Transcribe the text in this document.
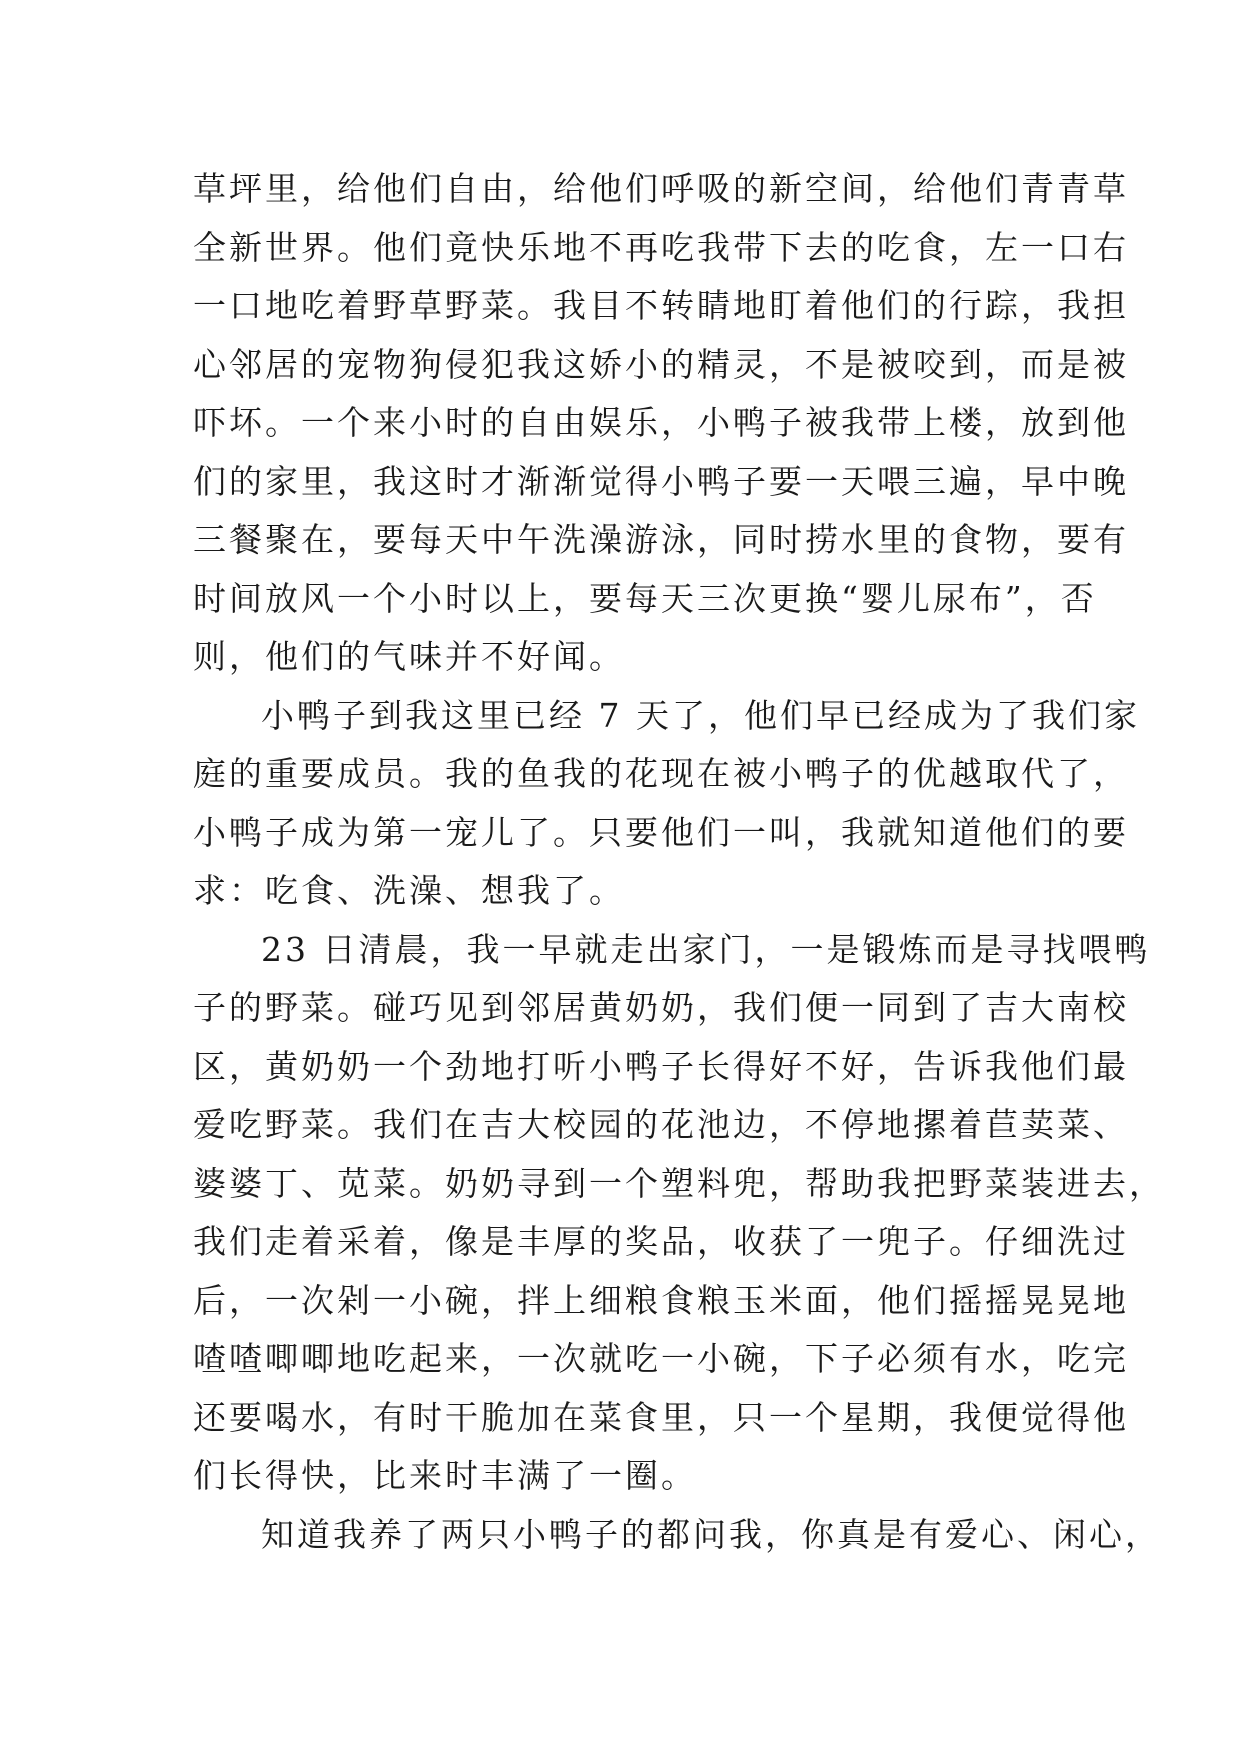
草坪里，给他们自由，给他们呼吸的新空间，给他们青青草
全新世界。他们竟快乐地不再吃我带下去的吃食，左一口右
一口地吃着野草野菜。我目不转睛地盯着他们的行踪，我担
心邻居的宠物狗侵犯我这娇小的精灵，不是被咬到，而是被
吓坏。一个来小时的自由娱乐，小鸭子被我带上楼，放到他
们的家里，我这时才渐渐觉得小鸭子要一天喂三遍，早中晚
三餐聚在，要每天中午洗澡游泳，同时捞水里的食物，要有
时间放风一个小时以上，要每天三次更换“婴儿尿布”，否
则，他们的气味并不好闻。
小鸭子到我这里已经 7 天了，他们早已经成为了我们家
庭的重要成员。我的鱼我的花现在被小鸭子的优越取代了，
小鸭子成为第一宠儿了。只要他们一叫，我就知道他们的要
求：吃食、洗澡、想我了。
23 日清晨，我一早就走出家门，一是锻炼而是寻找喂鸭
子的野菜。碰巧见到邻居黄奶奶，我们便一同到了吉大南校
区，黄奶奶一个劲地打听小鸭子长得好不好，告诉我他们最
爱吃野菜。我们在吉大校园的花池边，不停地摞着苣荬菜、
婆婆丁、苋菜。奶奶寻到一个塑料兜，帮助我把野菜装进去，
我们走着采着，像是丰厚的奖品，收获了一兜子。仔细洗过
后，一次剁一小碗，拌上细粮食粮玉米面，他们摇摇晃晃地
喳喳唧唧地吃起来，一次就吃一小碗，下子必须有水，吃完
还要喝水，有时干脆加在菜食里，只一个星期，我便觉得他
们长得快，比来时丰满了一圈。
知道我养了两只小鸭子的都问我，你真是有爱心、闲心，
